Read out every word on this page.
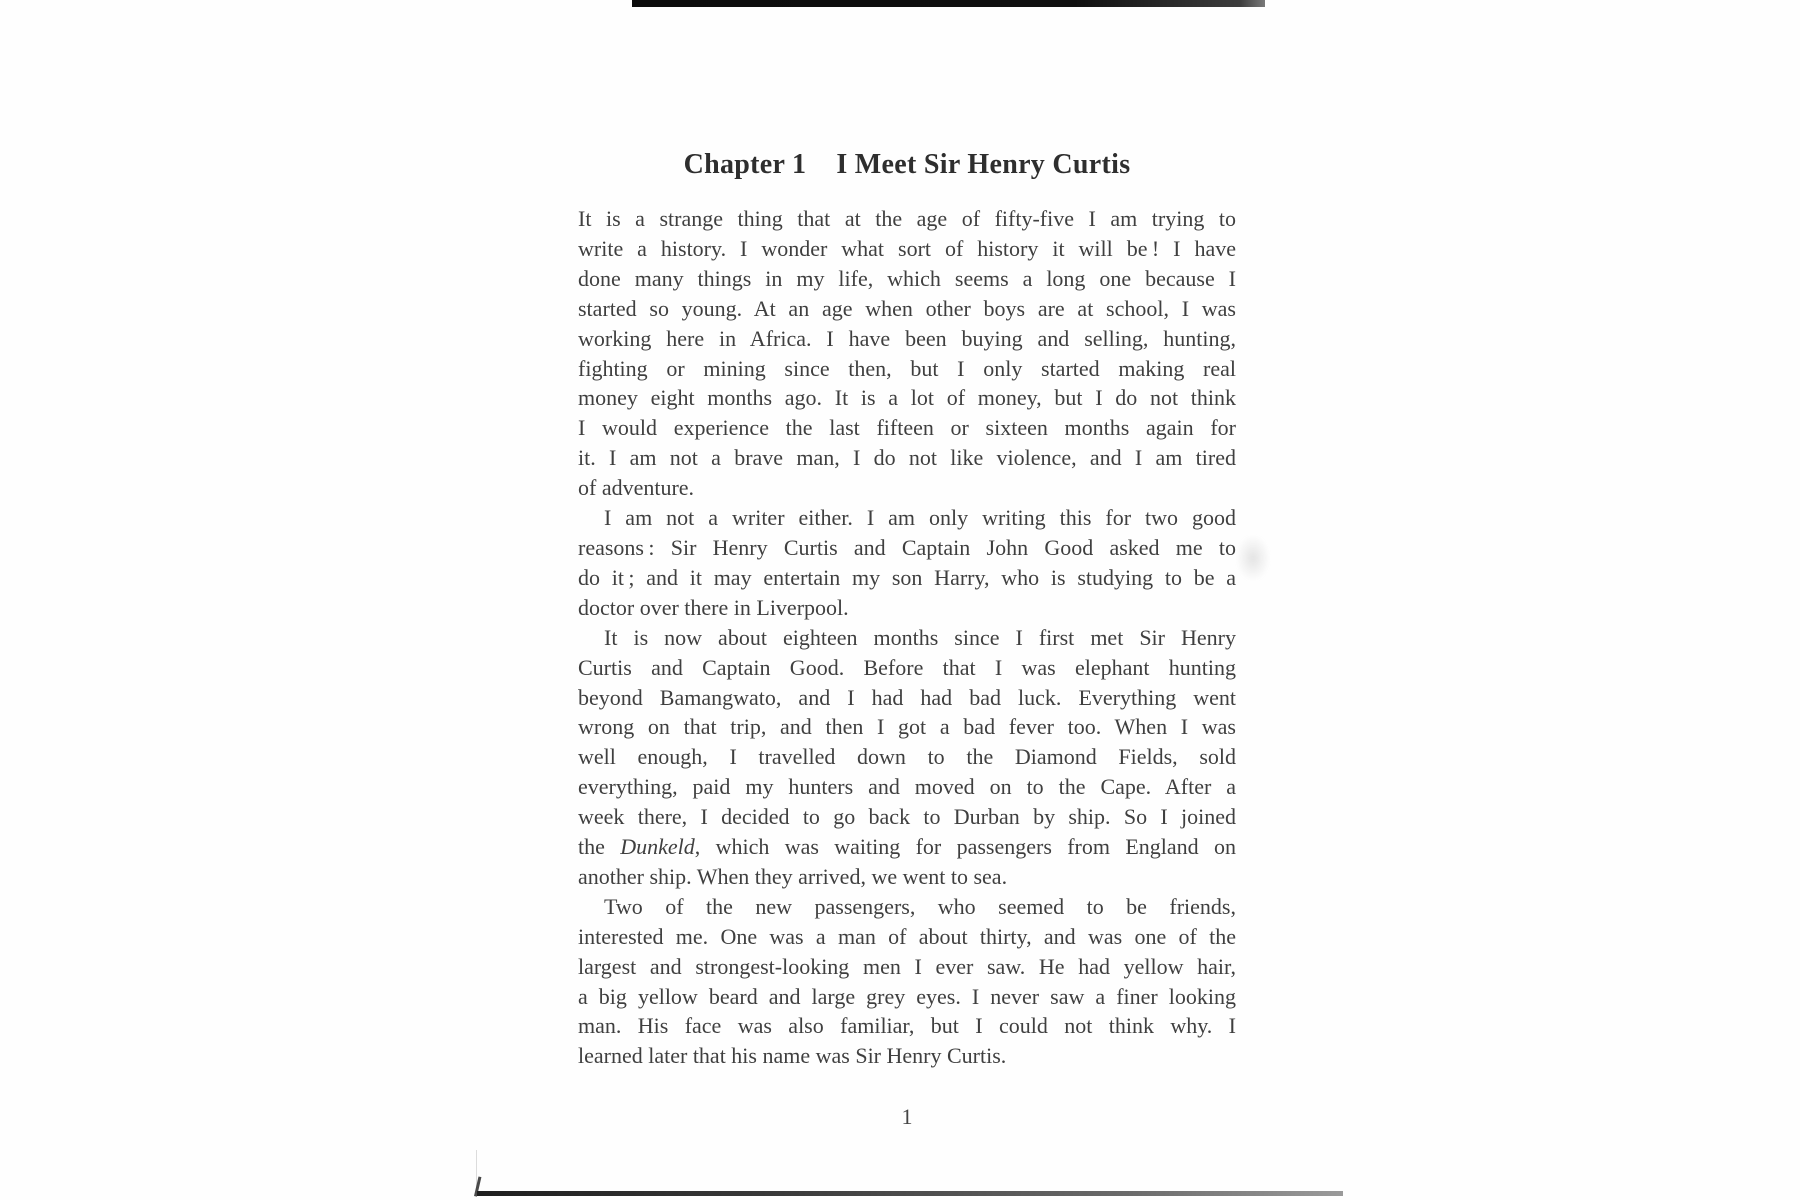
Chapter 1 I Meet Sir Henry Curtis
It is a strange thing that at the age of fifty-five I am trying to
write a history. I wonder what sort of history it will be ! I have
done many things in my life, which seems a long one because I
started so young. At an age when other boys are at school, I was
working here in Africa. I have been buying and selling, hunting,
fighting or mining since then, but I only started making real
money eight months ago. It is a lot of money, but I do not think
I would experience the last fifteen or sixteen months again for
it. I am not a brave man, I do not like violence, and I am tired
of adventure.
I am not a writer either. I am only writing this for two good
reasons : Sir Henry Curtis and Captain John Good asked me to
do it ; and it may entertain my son Harry, who is studying to be a
doctor over there in Liverpool.
It is now about eighteen months since I first met Sir Henry
Curtis and Captain Good. Before that I was elephant hunting
beyond Bamangwato, and I had had bad luck. Everything went
wrong on that trip, and then I got a bad fever too. When I was
well enough, I travelled down to the Diamond Fields, sold
everything, paid my hunters and moved on to the Cape. After a
week there, I decided to go back to Durban by ship. So I joined
the Dunkeld, which was waiting for passengers from England on
another ship. When they arrived, we went to sea.
Two of the new passengers, who seemed to be friends,
interested me. One was a man of about thirty, and was one of the
largest and strongest-looking men I ever saw. He had yellow hair,
a big yellow beard and large grey eyes. I never saw a finer looking
man. His face was also familiar, but I could not think why. I
learned later that his name was Sir Henry Curtis.
1
